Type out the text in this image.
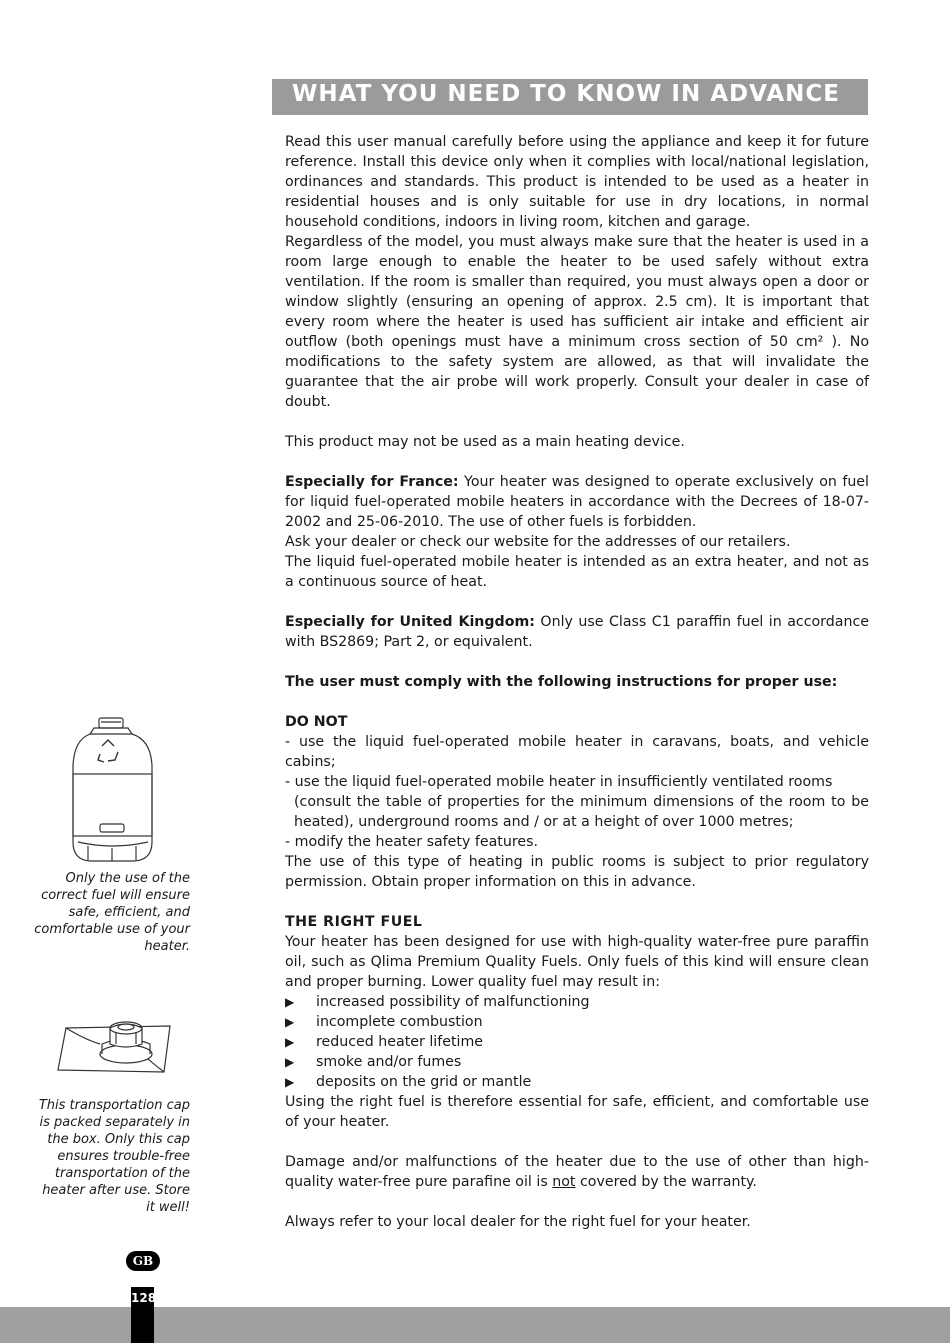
WHAT YOU NEED TO KNOW IN ADVANCE

Read this user manual carefully before using the appliance and keep it for future reference. Install this device only when it complies with local/national legislation, ordinances and standards. This product is intended to be used as a heater in residential houses and is only suitable for use in dry locations, in normal household conditions, indoors in living room, kitchen and garage.

Regardless of the model, you must always make sure that the heater is used in a room large enough to enable the heater to be used safely without extra ventilation. If the room is smaller than required, you must always open a door or window slightly (ensuring an opening of approx. 2.5 cm). It is important that every room where the heater is used has sufficient air intake and efficient air outflow (both openings must have a minimum cross section of 50 cm² ). No modifications to the safety system are allowed, as that will invalidate the guarantee that the air probe will work properly. Consult your dealer in case of doubt.

This product may not be used as a main heating device.

Especially for France: Your heater was designed to operate exclusively on fuel for liquid fuel-operated mobile heaters in accordance with the Decrees of 18-07-2002 and 25-06-2010. The use of other fuels is forbidden.

Ask your dealer or check our website for the addresses of our retailers.

The liquid fuel-operated mobile heater is intended as an extra heater, and not as a continuous source of heat.

Especially for United Kingdom: Only use Class C1 paraffin fuel in accordance with BS2869; Part 2, or equivalent.

The user must comply with the following instructions for proper use:

DO NOT

- use the liquid fuel-operated mobile heater in caravans, boats, and vehicle cabins;

- use the liquid fuel-operated mobile heater in insufficiently ventilated rooms

(consult the table of properties for the minimum dimensions of the room to be heated), underground rooms and / or at a height of over 1000 metres;

- modify the heater safety features.

The use of this type of heating in public rooms is subject to prior regulatory permission. Obtain proper information on this in advance.

THE RIGHT FUEL

Your heater has been designed for use with high-quality water-free pure paraffin oil, such as Qlima Premium Quality Fuels. Only fuels of this kind will ensure clean and proper burning. Lower quality fuel may result in:

▶	increased possibility of malfunctioning
▶	incomplete combustion
▶	reduced heater lifetime
▶	smoke and/or fumes
▶	deposits on the grid or mantle

Using the right fuel is therefore essential for safe, efficient, and comfortable use of your heater.

Damage and/or malfunctions of the heater due to the use of other than high-quality water-free pure parafine oil is not covered by the warranty.

Always refer to your local dealer for the right fuel for your heater.

Only the use of the correct fuel will ensure safe, efficient, and comfortable use of your heater.
This transportation cap is packed separately in the box. Only this cap ensures trouble-free transportation of the heater after use. Store it well!
GB
128
